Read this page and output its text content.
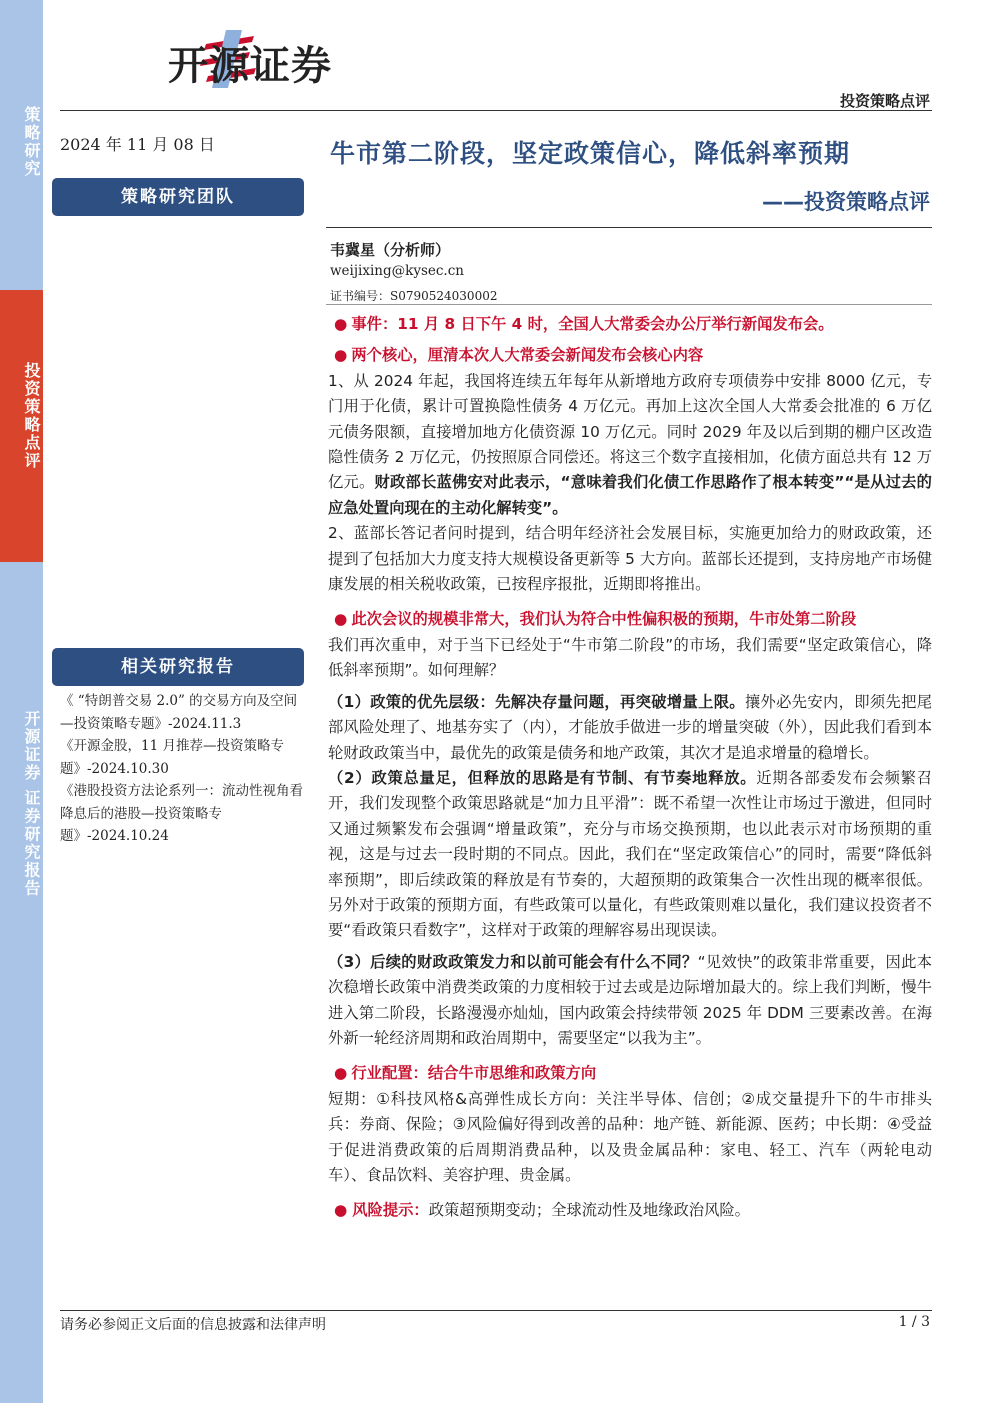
策略研究
投资策略点评
开源证券 证券研究报告
开源证券
投资策略点评
2024 年 11 月 08 日
策略研究团队
相关研究报告

《 “特朗普交易 2.0” 的交易方向及空间—投资策略专题》-2024.11.3

《开源金股，11 月推荐—投资策略专题》-2024.10.30

《港股投资方法论系列一：流动性视角看降息后的港股—投资策略专题》-2024.10.24

牛市第二阶段，坚定政策信心，降低斜率预期
——投资策略点评
韦冀星（分析师）
weijixing@kysec.cn
证书编号：S0790524030002

● 事件：11 月 8 日下午 4 时，全国人大常委会办公厅举行新闻发布会。

● 两个核心，厘清本次人大常委会新闻发布会核心内容

1、从 2024 年起，我国将连续五年每年从新增地方政府专项债券中安排 8000 亿元，专门用于化债，累计可置换隐性债务 4 万亿元。再加上这次全国人大常委会批准的 6 万亿元债务限额，直接增加地方化债资源 10 万亿元。同时 2029 年及以后到期的棚户区改造隐性债务 2 万亿元，仍按照原合同偿还。将这三个数字直接相加，化债方面总共有 12 万亿元。财政部长蓝佛安对此表示，“意味着我们化债工作思路作了根本转变”“是从过去的应急处置向现在的主动化解转变”。

2、蓝部长答记者问时提到，结合明年经济社会发展目标，实施更加给力的财政政策，还提到了包括加大力度支持大规模设备更新等 5 大方向。蓝部长还提到，支持房地产市场健康发展的相关税收政策，已按程序报批，近期即将推出。

● 此次会议的规模非常大，我们认为符合中性偏积极的预期，牛市处第二阶段

我们再次重申，对于当下已经处于“牛市第二阶段”的市场，我们需要“坚定政策信心，降低斜率预期”。如何理解？

（1）政策的优先层级：先解决存量问题，再突破增量上限。攘外必先安内，即须先把尾部风险处理了、地基夯实了（内），才能放手做进一步的增量突破（外），因此我们看到本轮财政政策当中，最优先的政策是债务和地产政策，其次才是追求增量的稳增长。

（2）政策总量足，但释放的思路是有节制、有节奏地释放。近期各部委发布会频繁召开，我们发现整个政策思路就是“加力且平滑”：既不希望一次性让市场过于激进，但同时又通过频繁发布会强调“增量政策”，充分与市场交换预期，也以此表示对市场预期的重视，这是与过去一段时期的不同点。因此，我们在“坚定政策信心”的同时，需要“降低斜率预期”，即后续政策的释放是有节奏的，大超预期的政策集合一次性出现的概率很低。另外对于政策的预期方面，有些政策可以量化，有些政策则难以量化，我们建议投资者不要“看政策只看数字”，这样对于政策的理解容易出现误读。

（3）后续的财政政策发力和以前可能会有什么不同？“见效快”的政策非常重要，因此本次稳增长政策中消费类政策的力度相较于过去或是边际增加最大的。综上我们判断，慢牛进入第二阶段，长路漫漫亦灿灿，国内政策会持续带领 2025 年 DDM 三要素改善。在海外新一轮经济周期和政治周期中，需要坚定“以我为主”。

● 行业配置：结合牛市思维和政策方向

短期：①科技风格&高弹性成长方向：关注半导体、信创；②成交量提升下的牛市排头兵：券商、保险；③风险偏好得到改善的品种：地产链、新能源、医药；中长期：④受益于促进消费政策的后周期消费品种，以及贵金属品种：家电、轻工、汽车（两轮电动车）、食品饮料、美容护理、贵金属。

● 风险提示：政策超预期变动；全球流动性及地缘政治风险。

请务必参阅正文后面的信息披露和法律声明	1 / 3
